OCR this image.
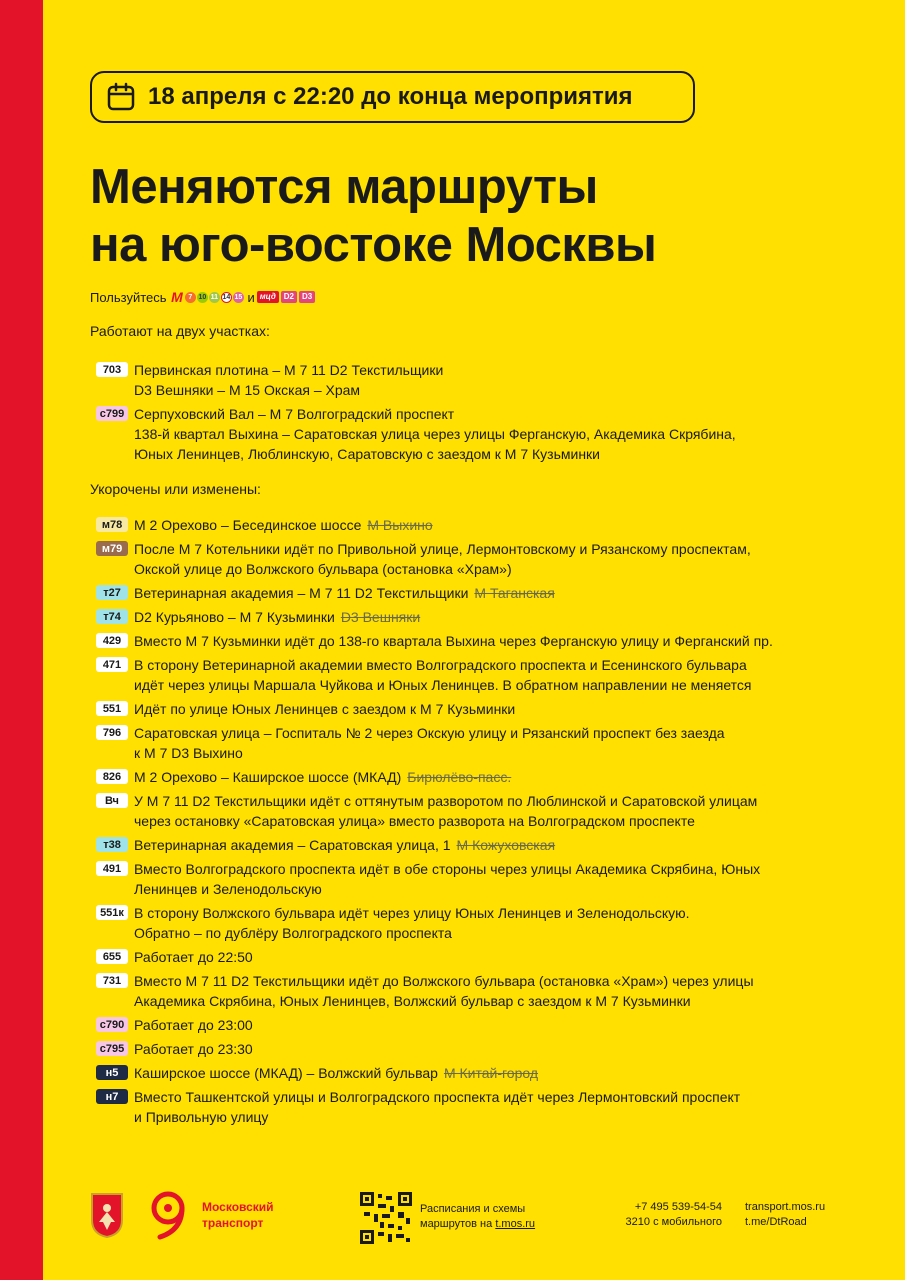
18 апреля с 22:20 до конца мероприятия
Меняются маршруты
на юго-востоке Москвы
Пользуйтесь
М 7 10 11 14 15
и мцд	D2	D3
Работают на двух участках:
703 Первинская плотина – М 7 11 D2 Текстильщики
D3 Вешняки – М 15 Окская – Храм
с799 Серпуховский Вал – М 7 Волгоградский проспект
138-й квартал Выхина – Саратовская улица через улицы Ферганскую, Академика Скрябина,
Юных Ленинцев, Люблинскую, Саратовскую с заездом к М 7 Кузьминки
Укорочены или изменены:
м78 М 2 Орехово – Бесединское шоссе М Выхино
м79 После М 7 Котельники идёт по Привольной улице, Лермонтовскому и Рязанскому проспектам,
Окской улице до Волжского бульвара (остановка «Храм»)
т27 Ветеринарная академия – М 7 11 D2 Текстильщики М Таганская
т74 D2 Курьяново – М 7 Кузьминки D3 Вешняки
429 Вместо М 7 Кузьминки идёт до 138-го квартала Выхина через Ферганскую улицу и Ферганский пр.
471 В сторону Ветеринарной академии вместо Волгоградского проспекта и Есенинского бульвара
идёт через улицы Маршала Чуйкова и Юных Ленинцев. В обратном направлении не меняется
551 Идёт по улице Юных Ленинцев с заездом к М 7 Кузьминки
796 Саратовская улица – Госпиталь № 2 через Окскую улицу и Рязанский проспект без заезда
к М 7 D3 Выхино
826 М 2 Орехово – Каширское шоссе (МКАД) Бирюлёво-пасс.
Вч	У М 7 11 D2 Текстильщики идёт с оттянутым разворотом по Люблинской и Саратовской улицам
через остановку «Саратовская улица» вместо разворота на Волгоградском проспекте
т38 Ветеринарная академия – Саратовская улица, 1 М Кожуховская
491 Вместо Волгоградского проспекта идёт в обе стороны через улицы Академика Скрябина, Юных
Ленинцев и Зеленодольскую
551к В сторону Волжского бульвара идёт через улицу Юных Ленинцев и Зеленодольскую.
Обратно – по дублёру Волгоградского проспекта
655 Работает до 22:50
731 Вместо М 7 11 D2 Текстильщики идёт до Волжского бульвара (остановка «Храм») через улицы
Академика Скрябина, Юных Ленинцев, Волжский бульвар с заездом к М 7 Кузьминки
с790 Работает до 23:00
с795 Работает до 23:30
н5	Каширское шоссе (МКАД) – Волжский бульвар М Китай-город
н7	Вместо Ташкентской улицы и Волгоградского проспекта идёт через Лермонтовский проспект
и Привольную улицу
Московский
транспорт
Расписания и схемы
маршрутов на t.mos.ru
+7 495 539-54-54
3210 с мобильного
transport.mos.ru
t.me/DtRoad
